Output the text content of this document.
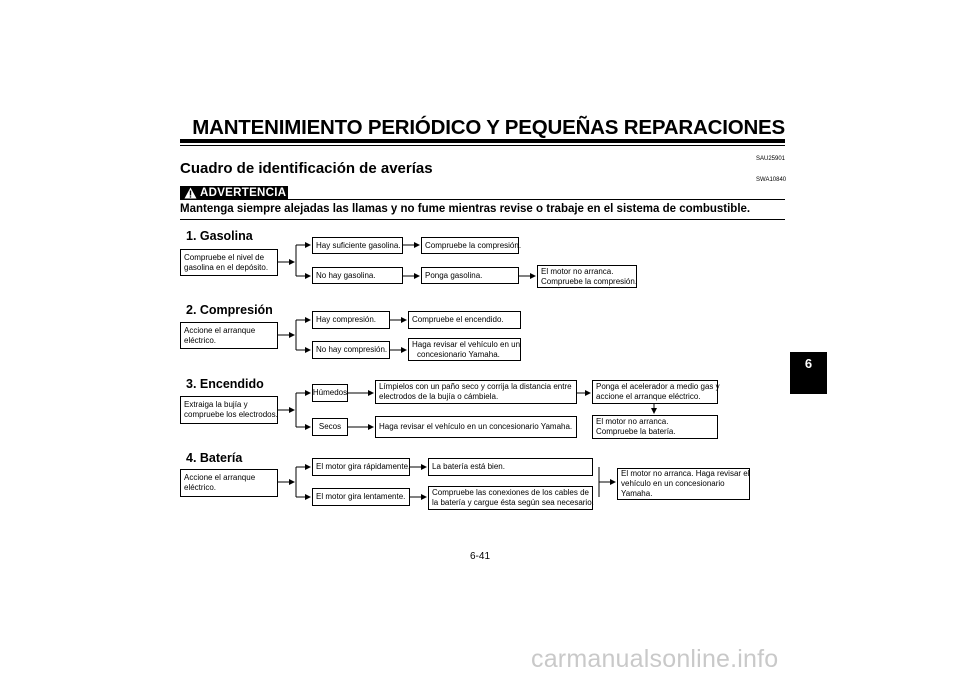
MANTENIMIENTO PERIÓDICO Y PEQUEÑAS REPARACIONES
SAU25901
Cuadro de identificación de averías
SWA10840
ADVERTENCIA
Mantenga siempre alejadas las llamas y no fume mientras revise o trabaje en el sistema de combustible.
1. Gasolina
Compruebe el nivel de
gasolina en el depósito.
Hay suficiente gasolina.	Compruebe la compresión.
No hay gasolina.	Ponga gasolina.	El motor no arranca.
Compruebe la compresión.
2. Compresión
Accione el arranque
eléctrico.
Hay compresión.	Compruebe el encendido.
No hay compresión.
Haga revisar el vehículo en un
concesionario Yamaha.
3. Encendido
Extraiga la bujía y
compruebe los electrodos.
Húmedos
Límpielos con un paño seco y corrija la distancia entre
electrodos de la bujía o cámbiela.
Ponga el acelerador a medio gas y
accione el arranque eléctrico.
El motor no arranca.
Compruebe la batería.
Secos	Haga revisar el vehículo en un concesionario Yamaha.
4. Batería
Accione el arranque
eléctrico.
El motor gira rápidamente.	La batería está bien.
El motor gira lentamente.	Compruebe las conexiones de los cables de
la batería y cargue ésta según sea necesario.
El motor no arranca. Haga revisar el
vehículo en un concesionario
Yamaha.
6
6-41
carmanualsonline.info
